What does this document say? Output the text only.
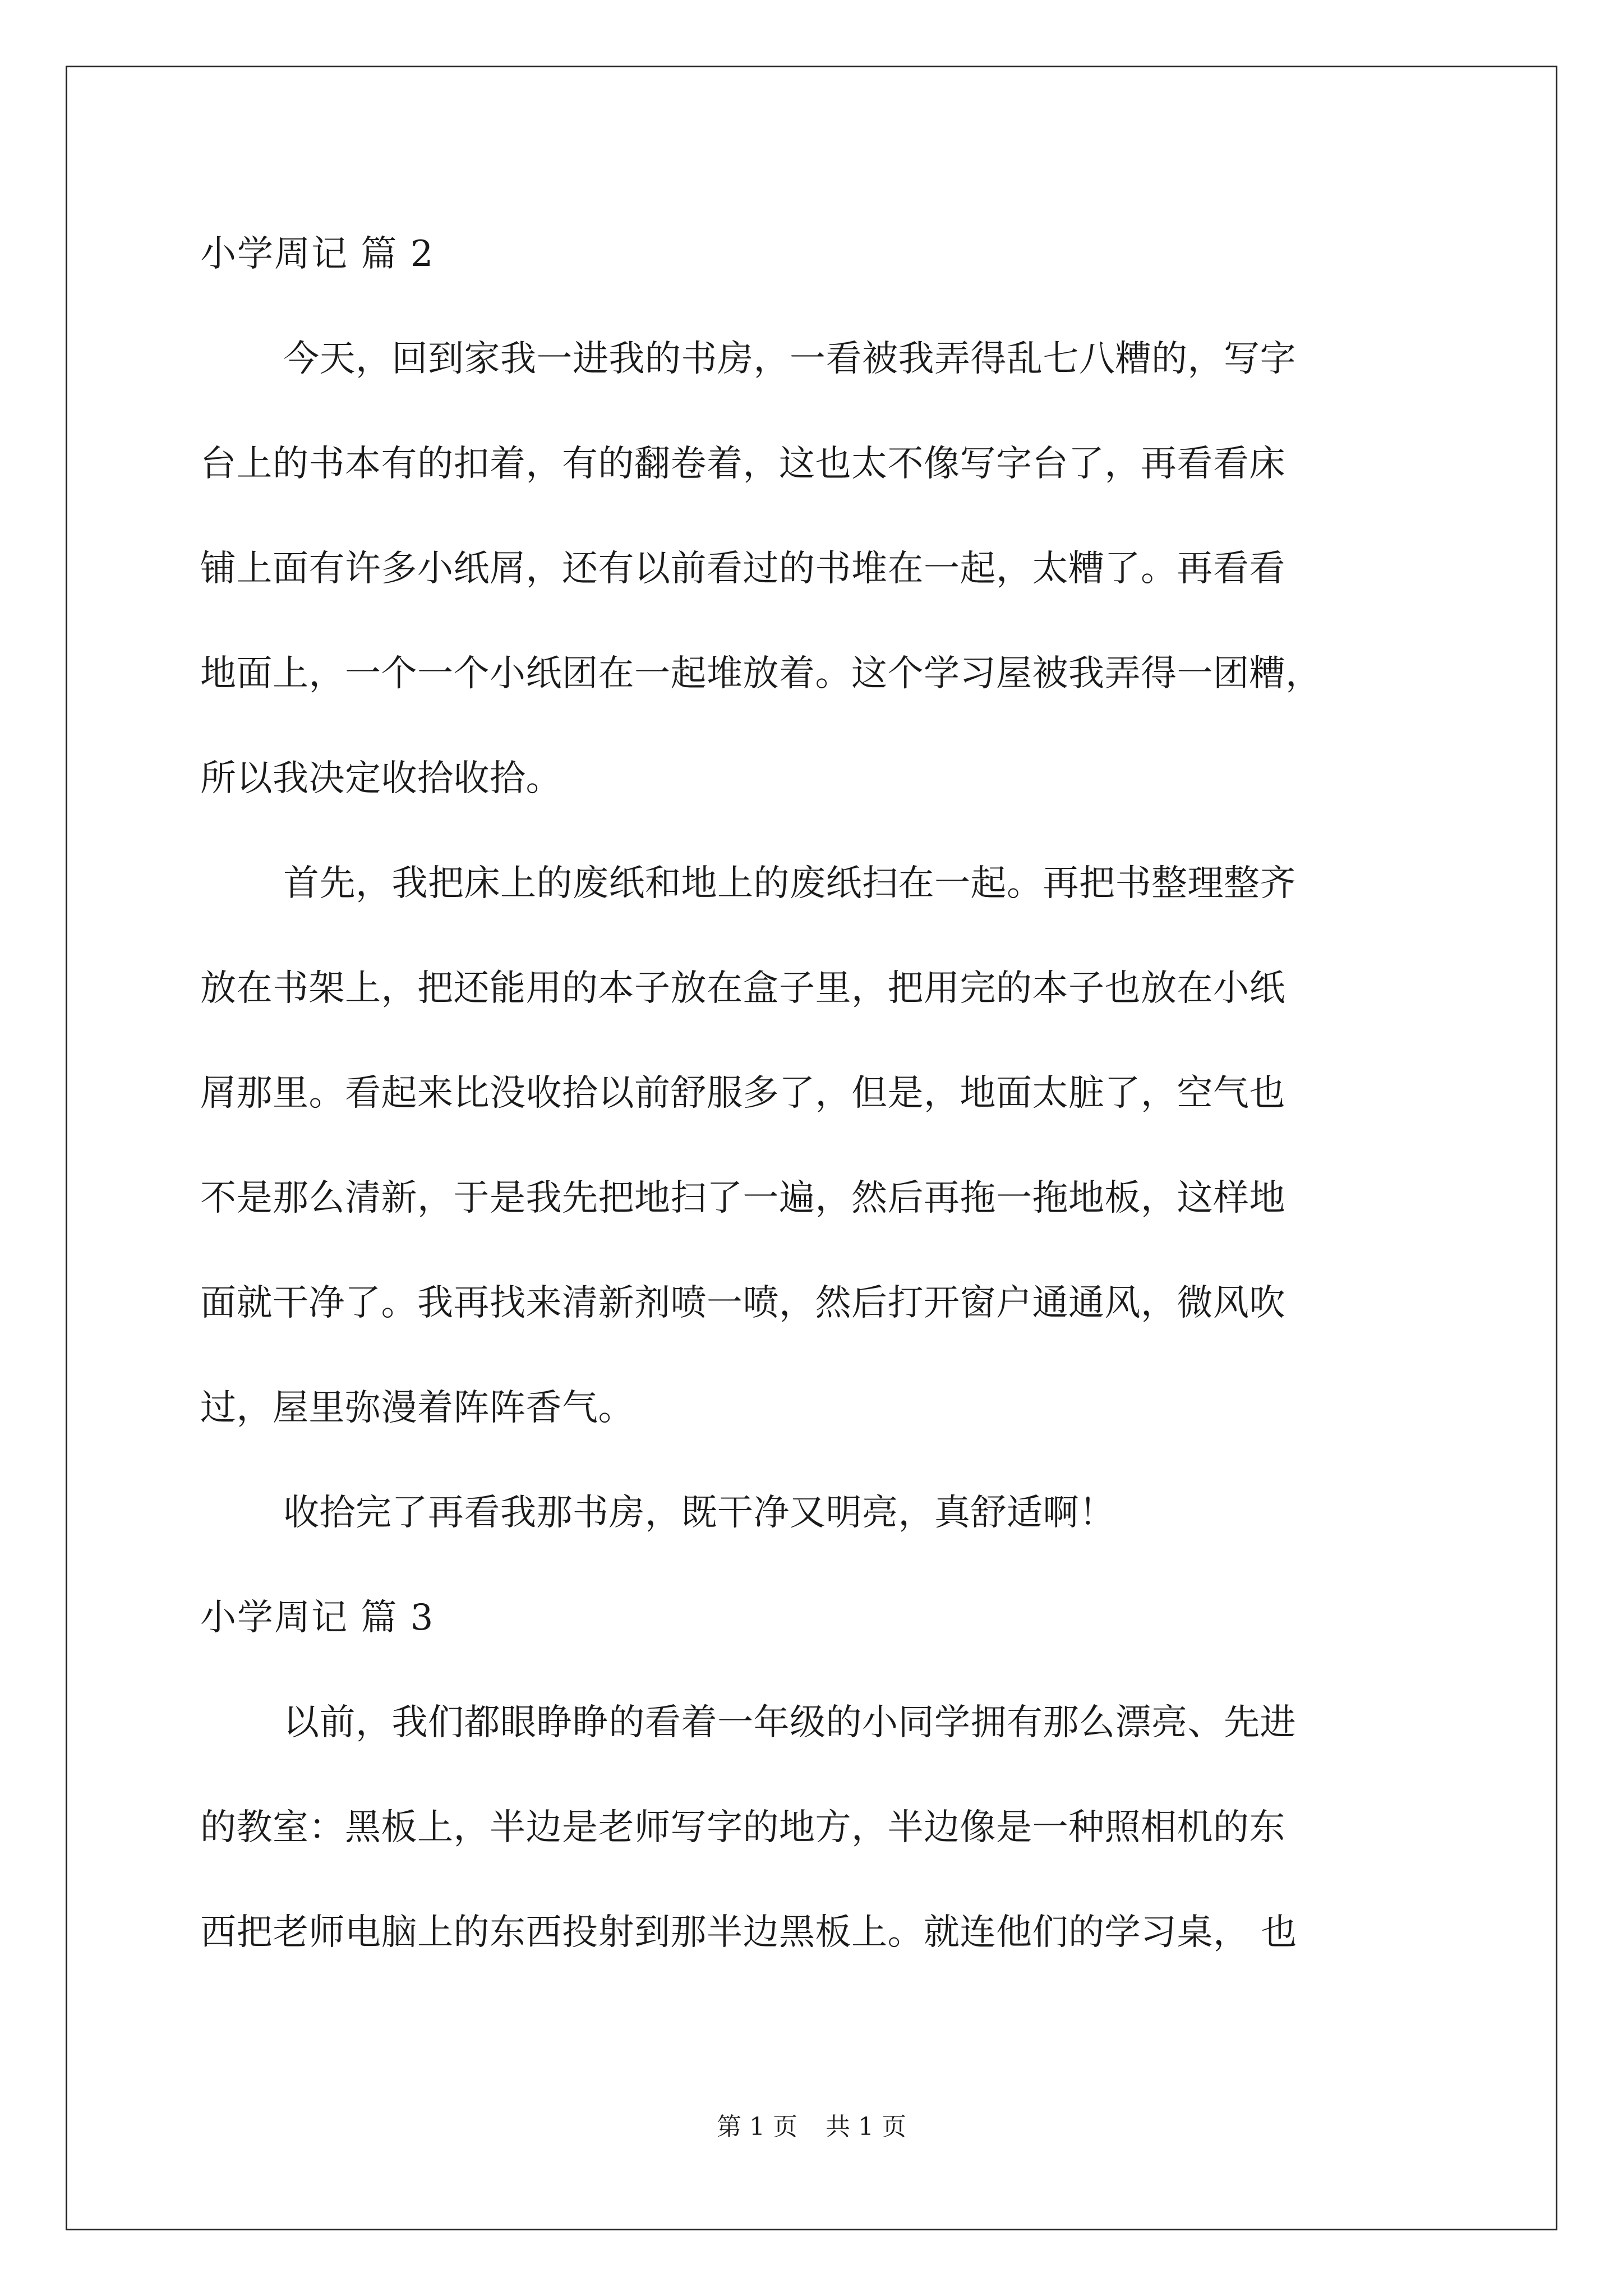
小学周记 篇 2
今天，回到家我一进我的书房，一看被我弄得乱七八糟的，写字
台上的书本有的扣着，有的翻卷着，这也太不像写字台了，再看看床
铺上面有许多小纸屑，还有以前看过的书堆在一起，太糟了。再看看
地面上，一个一个小纸团在一起堆放着。这个学习屋被我弄得一团糟，
所以我决定收拾收拾。
首先，我把床上的废纸和地上的废纸扫在一起。再把书整理整齐
放在书架上，把还能用的本子放在盒子里，把用完的本子也放在小纸
屑那里。看起来比没收拾以前舒服多了，但是，地面太脏了，空气也
不是那么清新，于是我先把地扫了一遍，然后再拖一拖地板，这样地
面就干净了。我再找来清新剂喷一喷，然后打开窗户通通风，微风吹
过，屋里弥漫着阵阵香气。
收拾完了再看我那书房，既干净又明亮，真舒适啊！
小学周记 篇 3
以前，我们都眼睁睁的看着一年级的小同学拥有那么漂亮、先进
的教室：黑板上，半边是老师写字的地方，半边像是一种照相机的东
西把老师电脑上的东西投射到那半边黑板上。就连他们的学习桌， 也
第 1 页 共 1 页
